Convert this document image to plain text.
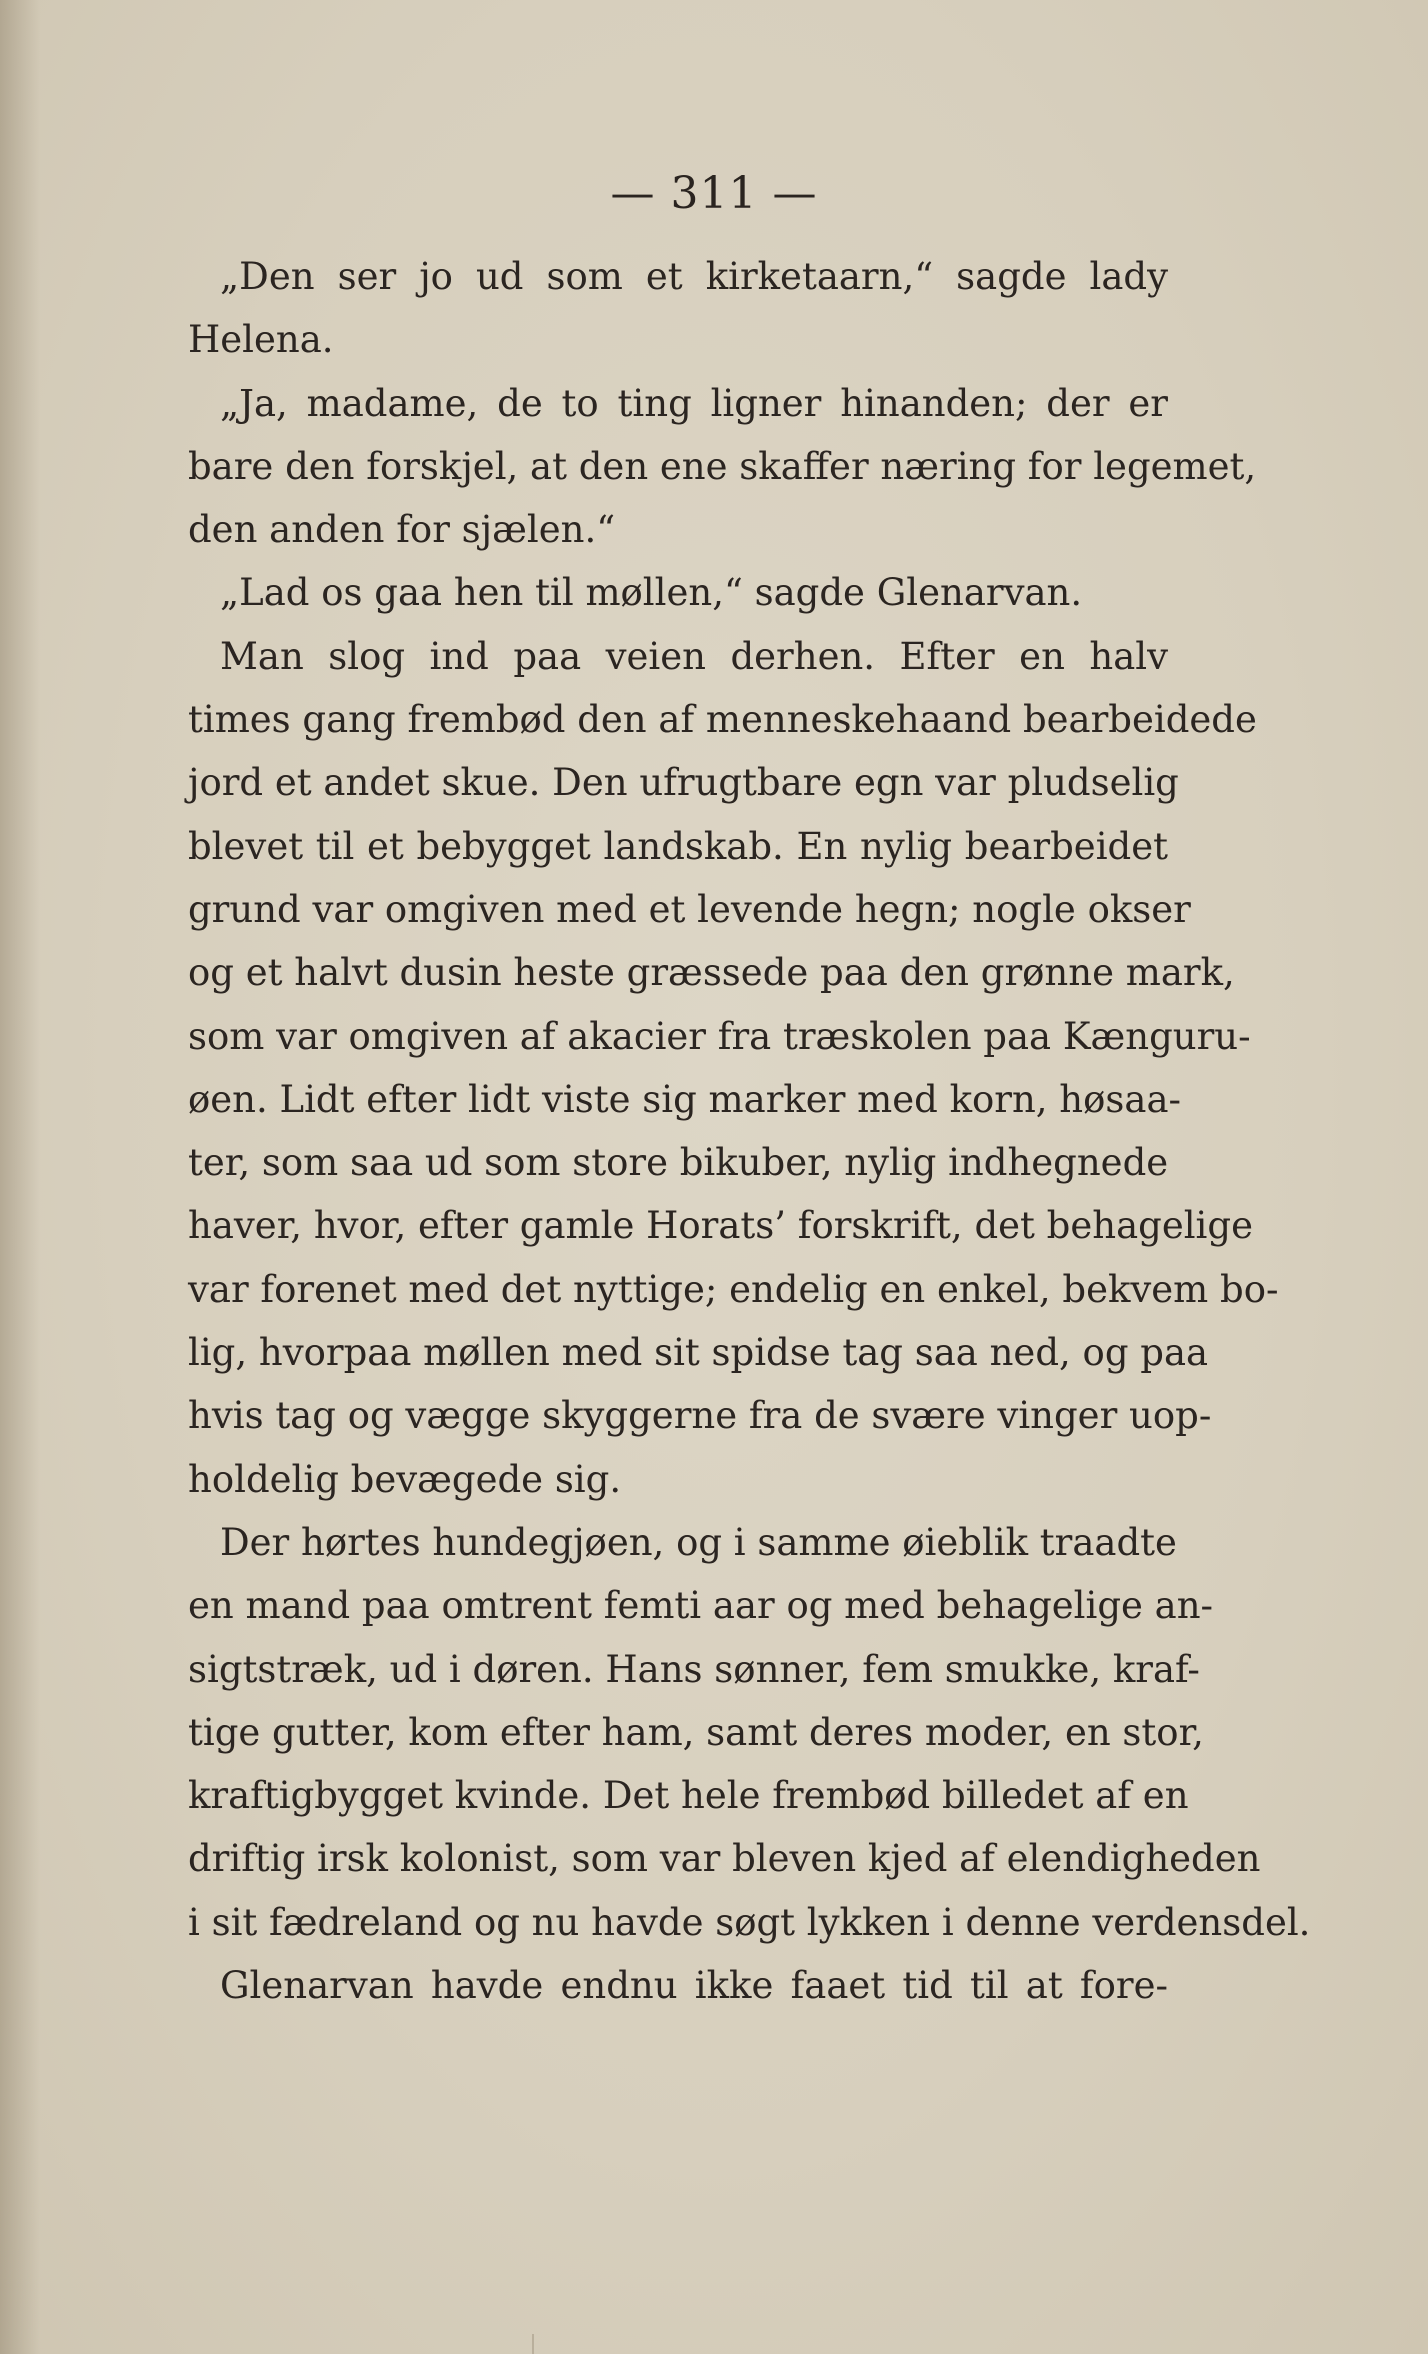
— 311 —
„Den ser jo ud som et kirketaarn,“ sagde lady
Helena.
„Ja, madame, de to ting ligner hinanden; der er
bare den forskjel, at den ene skaffer næring for legemet,
den anden for sjælen.“
„Lad os gaa hen til møllen,“ sagde Glenarvan.
Man slog ind paa veien derhen. Efter en halv
times gang frembød den af menneskehaand bearbeidede
jord et andet skue. Den ufrugtbare egn var pludselig
blevet til et bebygget landskab. En nylig bearbeidet
grund var omgiven med et levende hegn; nogle okser
og et halvt dusin heste græssede paa den grønne mark,
som var omgiven af akacier fra træskolen paa Kænguru-
øen. Lidt efter lidt viste sig marker med korn, høsaa-
ter, som saa ud som store bikuber, nylig indhegnede
haver, hvor, efter gamle Horats’ forskrift, det behagelige
var forenet med det nyttige; endelig en enkel, bekvem bo-
lig, hvorpaa møllen med sit spidse tag saa ned, og paa
hvis tag og vægge skyggerne fra de svære vinger uop-
holdelig bevægede sig.
Der hørtes hundegjøen, og i samme øieblik traadte
en mand paa omtrent femti aar og med behagelige an-
sigtstræk, ud i døren. Hans sønner, fem smukke, kraf-
tige gutter, kom efter ham, samt deres moder, en stor,
kraftigbygget kvinde. Det hele frembød billedet af en
driftig irsk kolonist, som var bleven kjed af elendigheden
i sit fædreland og nu havde søgt lykken i denne verdensdel.
Glenarvan havde endnu ikke faaet tid til at fore-
